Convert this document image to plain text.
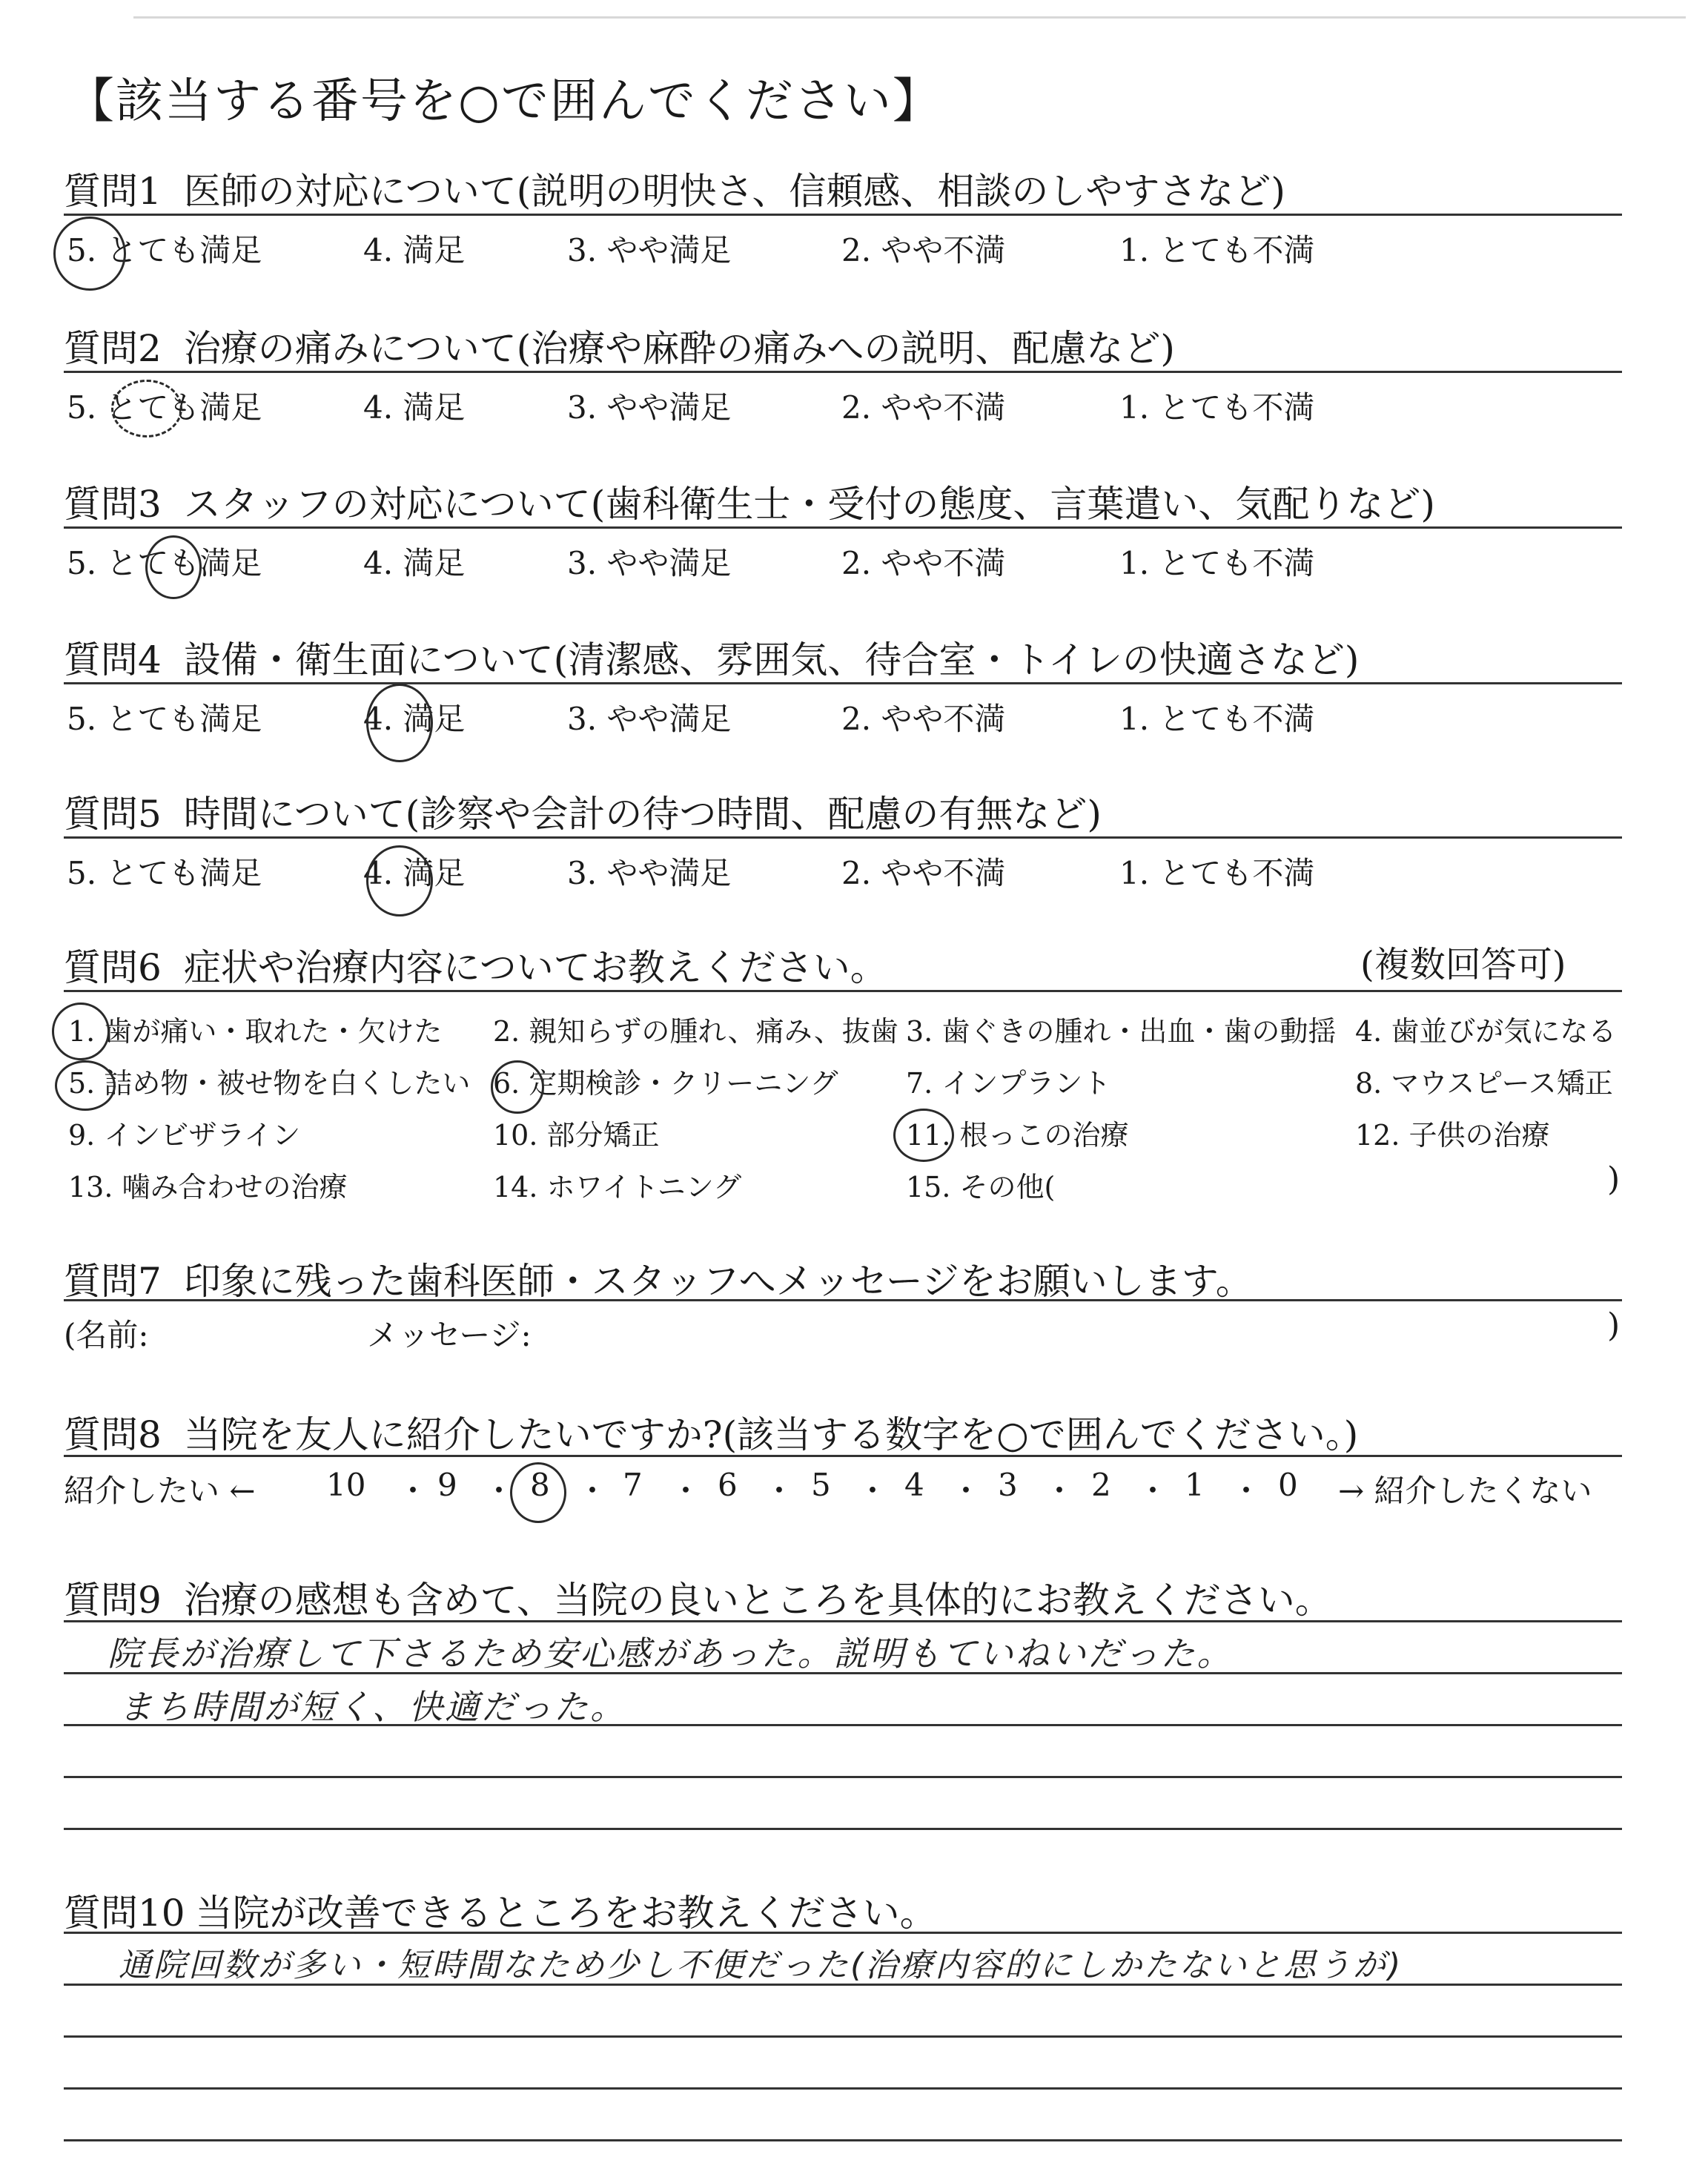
【該当する番号を○で囲んでください】
質問1 医師の対応について(説明の明快さ、信頼感、相談のしやすさなど)
5. とても満足	4. 満足	3. やや満足	2. やや不満	1. とても不満
質問2 治療の痛みについて(治療や麻酔の痛みへの説明、配慮など)
5. とても満足	4. 満足	3. やや満足	2. やや不満	1. とても不満
質問3 スタッフの対応について(歯科衛生士・受付の態度、言葉遣い、気配りなど)
5. とても満足	4. 満足	3. やや満足	2. やや不満	1. とても不満
質問4 設備・衛生面について(清潔感、雰囲気、待合室・トイレの快適さなど)
5. とても満足	4. 満足	3. やや満足	2. やや不満	1. とても不満
質問5 時間について(診察や会計の待つ時間、配慮の有無など)
5. とても満足	4. 満足	3. やや満足	2. やや不満	1. とても不満
質問6 症状や治療内容についてお教えください。	(複数回答可)
1. 歯が痛い・取れた・欠けた 2. 親知らずの腫れ、痛み、抜歯 3. 歯ぐきの腫れ・出血・歯の動揺 4. 歯並びが気になる
5. 詰め物・被せ物を白くしたい 6. 定期検診・クリーニング 7. インプラント	8. マウスピース矯正
9. インビザライン	10. 部分矯正	11. 根っこの治療	12. 子供の治療
13. 噛み合わせの治療	14. ホワイトニング	15. その他(	)
質問7 印象に残った歯科医師・スタッフへメッセージをお願いします。
(名前:	メッセージ:	)
質問8 当院を友人に紹介したいですか?(該当する数字を○で囲んでください。)
紹介したい ←	→ 紹介したくない
10 ・ 9 ・ 8 ・ 7 ・ 6 ・ 5 ・ 4 ・ 3 ・ 2 ・ 1 ・ 0
質問9 治療の感想も含めて、当院の良いところを具体的にお教えください。
院長が治療して下さるため安心感があった。説明もていねいだった。
まち時間が短く、快適だった。
質問10 当院が改善できるところをお教えください。
通院回数が多い・短時間なため少し不便だった(治療内容的にしかたないと思うが)
